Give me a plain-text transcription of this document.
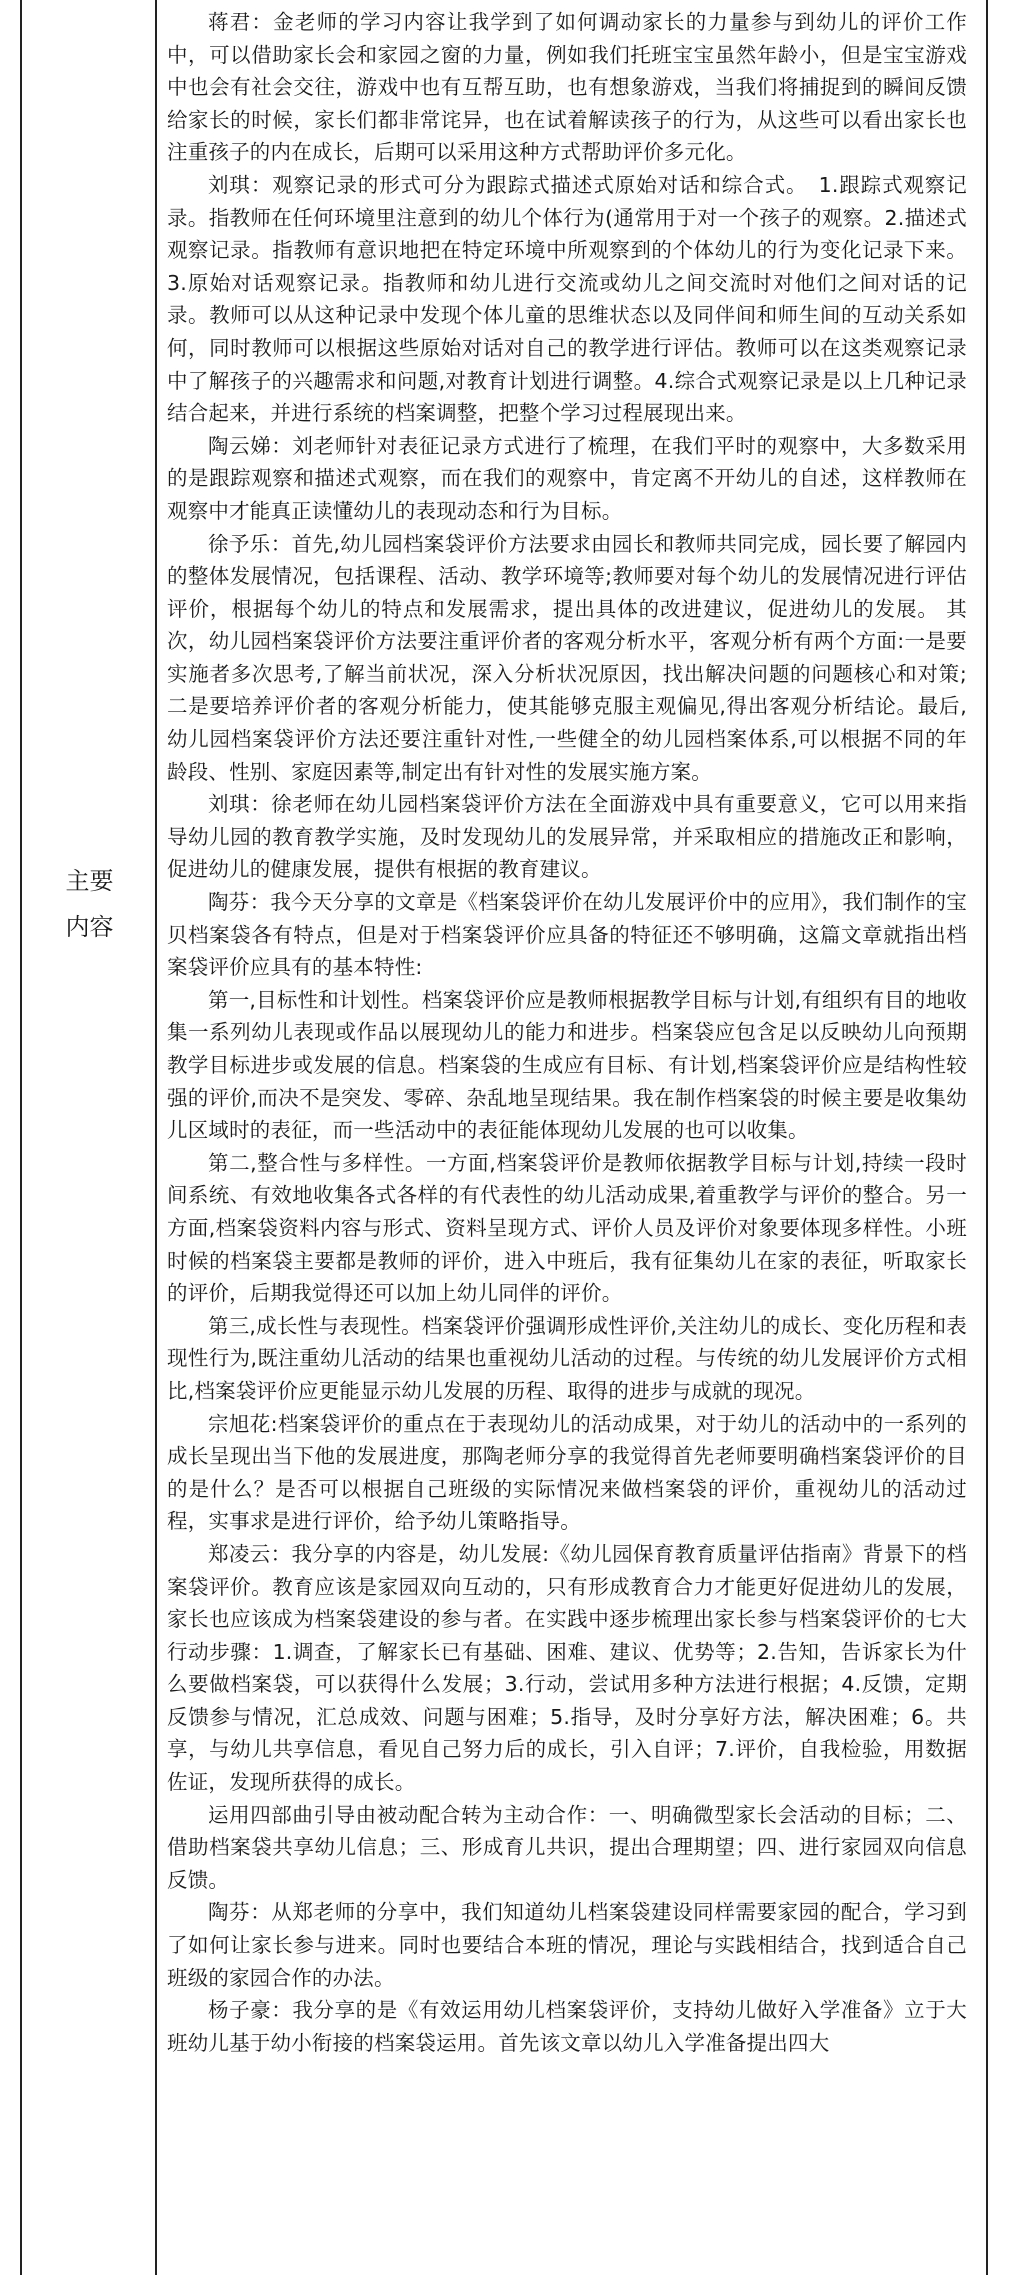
主要
内容

蒋君：金老师的学习内容让我学到了如何调动家长的力量参与到幼儿的评价工作中，可以借助家长会和家园之窗的力量，例如我们托班宝宝虽然年龄小，但是宝宝游戏中也会有社会交往，游戏中也有互帮互助，也有想象游戏，当我们将捕捉到的瞬间反馈给家长的时候，家长们都非常诧异，也在试着解读孩子的行为，从这些可以看出家长也注重孩子的内在成长，后期可以采用这种方式帮助评价多元化。

刘琪：观察记录的形式可分为跟踪式描述式原始对话和综合式。　1.跟踪式观察记录。指教师在任何环境里注意到的幼儿个体行为(通常用于对一个孩子的观察。2.描述式观察记录。指教师有意识地把在特定环境中所观察到的个体幼儿的行为变化记录下来。3.原始对话观察记录。指教师和幼儿进行交流或幼儿之间交流时对他们之间对话的记录。教师可以从这种记录中发现个体儿童的思维状态以及同伴间和师生间的互动关系如何，同时教师可以根据这些原始对话对自己的教学进行评估。教师可以在这类观察记录中了解孩子的兴趣需求和问题,对教育计划进行调整。4.综合式观察记录是以上几种记录结合起来，并进行系统的档案调整，把整个学习过程展现出来。

陶云娣：刘老师针对表征记录方式进行了梳理，在我们平时的观察中，大多数采用的是跟踪观察和描述式观察，而在我们的观察中，肯定离不开幼儿的自述，这样教师在观察中才能真正读懂幼儿的表现动态和行为目标。

徐予乐：首先,幼儿园档案袋评价方法要求由园长和教师共同完成，园长要了解园内的整体发展情况，包括课程、活动、教学环境等;教师要对每个幼儿的发展情况进行评估评价，根据每个幼儿的特点和发展需求，提出具体的改进建议，促进幼儿的发展。 其次，幼儿园档案袋评价方法要注重评价者的客观分析水平，客观分析有两个方面:一是要实施者多次思考,了解当前状况，深入分析状况原因，找出解决问题的问题核心和对策;　　　　　二是要培养评价者的客观分析能力，使其能够克服主观偏见,得出客观分析结论。最后,幼儿园档案袋评价方法还要注重针对性,一些健全的幼儿园档案体系,可以根据不同的年龄段、性别、家庭因素等,制定出有针对性的发展实施方案。

刘琪：徐老师在幼儿园档案袋评价方法在全面游戏中具有重要意义，它可以用来指导幼儿园的教育教学实施，及时发现幼儿的发展异常，并采取相应的措施改正和影响，促进幼儿的健康发展，提供有根据的教育建议。

陶芬：我今天分享的文章是《档案袋评价在幼儿发展评价中的应用》，我们制作的宝贝档案袋各有特点，但是对于档案袋评价应具备的特征还不够明确，这篇文章就指出档案袋评价应具有的基本特性:

第一,目标性和计划性。档案袋评价应是教师根据教学目标与计划,有组织有目的地收集一系列幼儿表现或作品以展现幼儿的能力和进步。档案袋应包含足以反映幼儿向预期教学目标进步或发展的信息。档案袋的生成应有目标、有计划,档案袋评价应是结构性较强的评价,而决不是突发、零碎、杂乱地呈现结果。我在制作档案袋的时候主要是收集幼儿区域时的表征，而一些活动中的表征能体现幼儿发展的也可以收集。

第二,整合性与多样性。一方面,档案袋评价是教师依据教学目标与计划,持续一段时间系统、有效地收集各式各样的有代表性的幼儿活动成果,着重教学与评价的整合。另一方面,档案袋资料内容与形式、资料呈现方式、评价人员及评价对象要体现多样性。小班时候的档案袋主要都是教师的评价，进入中班后，我有征集幼儿在家的表征，听取家长的评价，后期我觉得还可以加上幼儿同伴的评价。

第三,成长性与表现性。档案袋评价强调形成性评价,关注幼儿的成长、变化历程和表现性行为,既注重幼儿活动的结果也重视幼儿活动的过程。与传统的幼儿发展评价方式相比,档案袋评价应更能显示幼儿发展的历程、取得的进步与成就的现况。

宗旭花:档案袋评价的重点在于表现幼儿的活动成果，对于幼儿的活动中的一系列的成长呈现出当下他的发展进度，那陶老师分享的我觉得首先老师要明确档案袋评价的目的是什么？是否可以根据自己班级的实际情况来做档案袋的评价，重视幼儿的活动过程，实事求是进行评价，给予幼儿策略指导。

郑凌云：我分享的内容是，幼儿发展:《幼儿园保育教育质量评估指南》背景下的档案袋评价。教育应该是家园双向互动的，只有形成教育合力才能更好促进幼儿的发展，家长也应该成为档案袋建设的参与者。在实践中逐步梳理出家长参与档案袋评价的七大行动步骤：1.调查，了解家长已有基础、困难、建议、优势等；2.告知，告诉家长为什么要做档案袋，可以获得什么发展；3.行动，尝试用多种方法进行根据；4.反馈，定期反馈参与情况，汇总成效、问题与困难；5.指导，及时分享好方法，解决困难；6。共享，与幼儿共享信息，看见自己努力后的成长，引入自评；7.评价，自我检验，用数据佐证，发现所获得的成长。

运用四部曲引导由被动配合转为主动合作：一、明确微型家长会活动的目标；二、借助档案袋共享幼儿信息；三、形成育儿共识，提出合理期望；四、进行家园双向信息反馈。

陶芬：从郑老师的分享中，我们知道幼儿档案袋建设同样需要家园的配合，学习到了如何让家长参与进来。同时也要结合本班的情况，理论与实践相结合，找到适合自己班级的家园合作的办法。

杨子豪：我分享的是《有效运用幼儿档案袋评价，支持幼儿做好入学准备》立于大班幼儿基于幼小衔接的档案袋运用。首先该文章以幼儿入学准备提出四大
